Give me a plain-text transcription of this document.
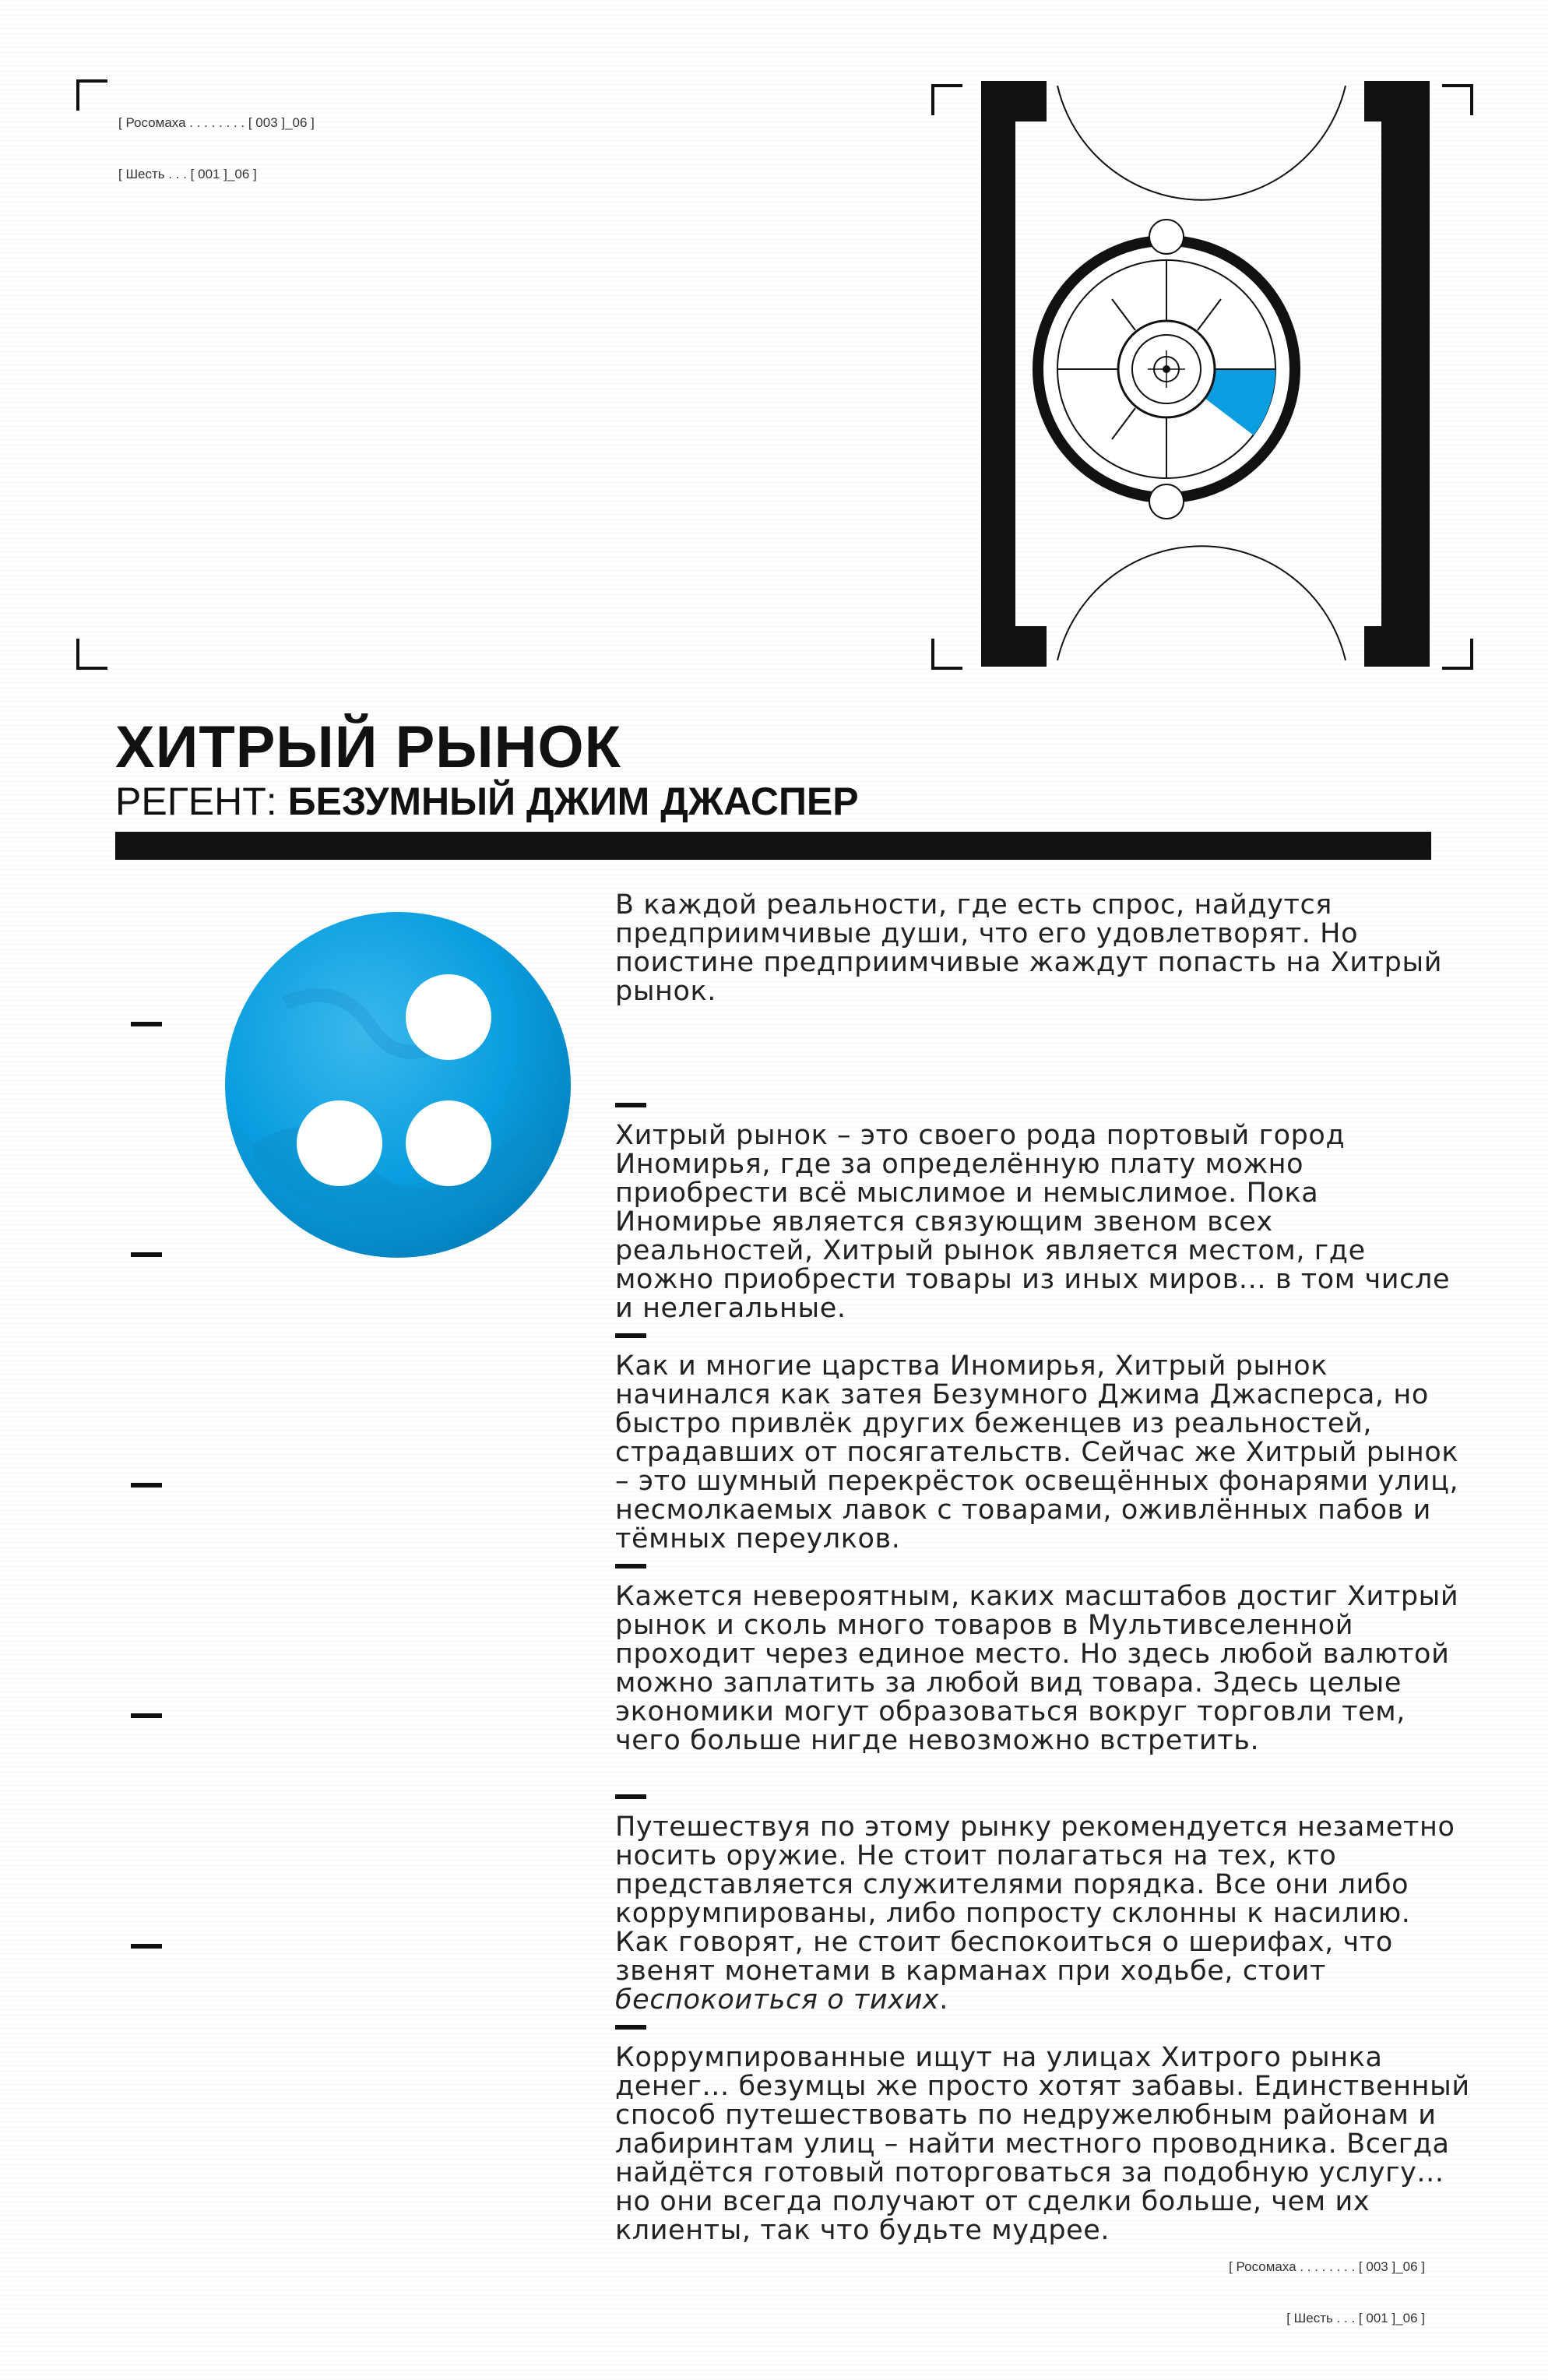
[ Росомаха . . . . . . . . [ 003 ]_06 ]

[ Шесть . . . [ 001 ]_06 ]

ХИТРЫЙ РЫНОК
РЕГЕНТ: БЕЗУМНЫЙ ДЖИМ ДЖАСПЕР

В каждой реальности, где есть спрос, найдутся предприимчивые души, что его удовлетворят. Но поистине предприимчивые жаждут попасть на Хитрый рынок.

Хитрый рынок – это своего рода портовый город Иномирья, где за определённую плату можно приобрести всё мыслимое и немыслимое. Пока Иномирье является связующим звеном всех реальностей, Хитрый рынок является местом, где можно приобрести товары из иных миров... в том числе и нелегальные.

Как и многие царства Иномирья, Хитрый рынок начинался как затея Безумного Джима Джасперса, но быстро привлёк других беженцев из реальностей, страдавших от посягательств. Сейчас же Хитрый рынок – это шумный перекрёсток освещённых фонарями улиц, несмолкаемых лавок с товарами, оживлённых пабов и тёмных переулков.

Кажется невероятным, каких масштабов достиг Хитрый рынок и сколь много товаров в Мультивселенной проходит через единое место. Но здесь любой валютой можно заплатить за любой вид товара. Здесь целые экономики могут образоваться вокруг торговли тем, чего больше нигде невозможно встретить.

Путешествуя по этому рынку рекомендуется незаметно носить оружие. Не стоит полагаться на тех, кто представляется служителями порядка. Все они либо коррумпированы, либо попросту склонны к насилию. Как говорят, не стоит беспокоиться о шерифах, что звенят монетами в карманах при ходьбе, стоит беспокоиться о тихих.

Коррумпированные ищут на улицах Хитрого рынка денег... безумцы же просто хотят забавы. Единственный способ путешествовать по недружелюбным районам и лабиринтам улиц – найти местного проводника. Всегда найдётся готовый поторговаться за подобную услугу... но они всегда получают от сделки больше, чем их клиенты, так что будьте мудрее.

[ Росомаха . . . . . . . . [ 003 ]_06 ]

[ Шесть . . . [ 001 ]_06 ]
